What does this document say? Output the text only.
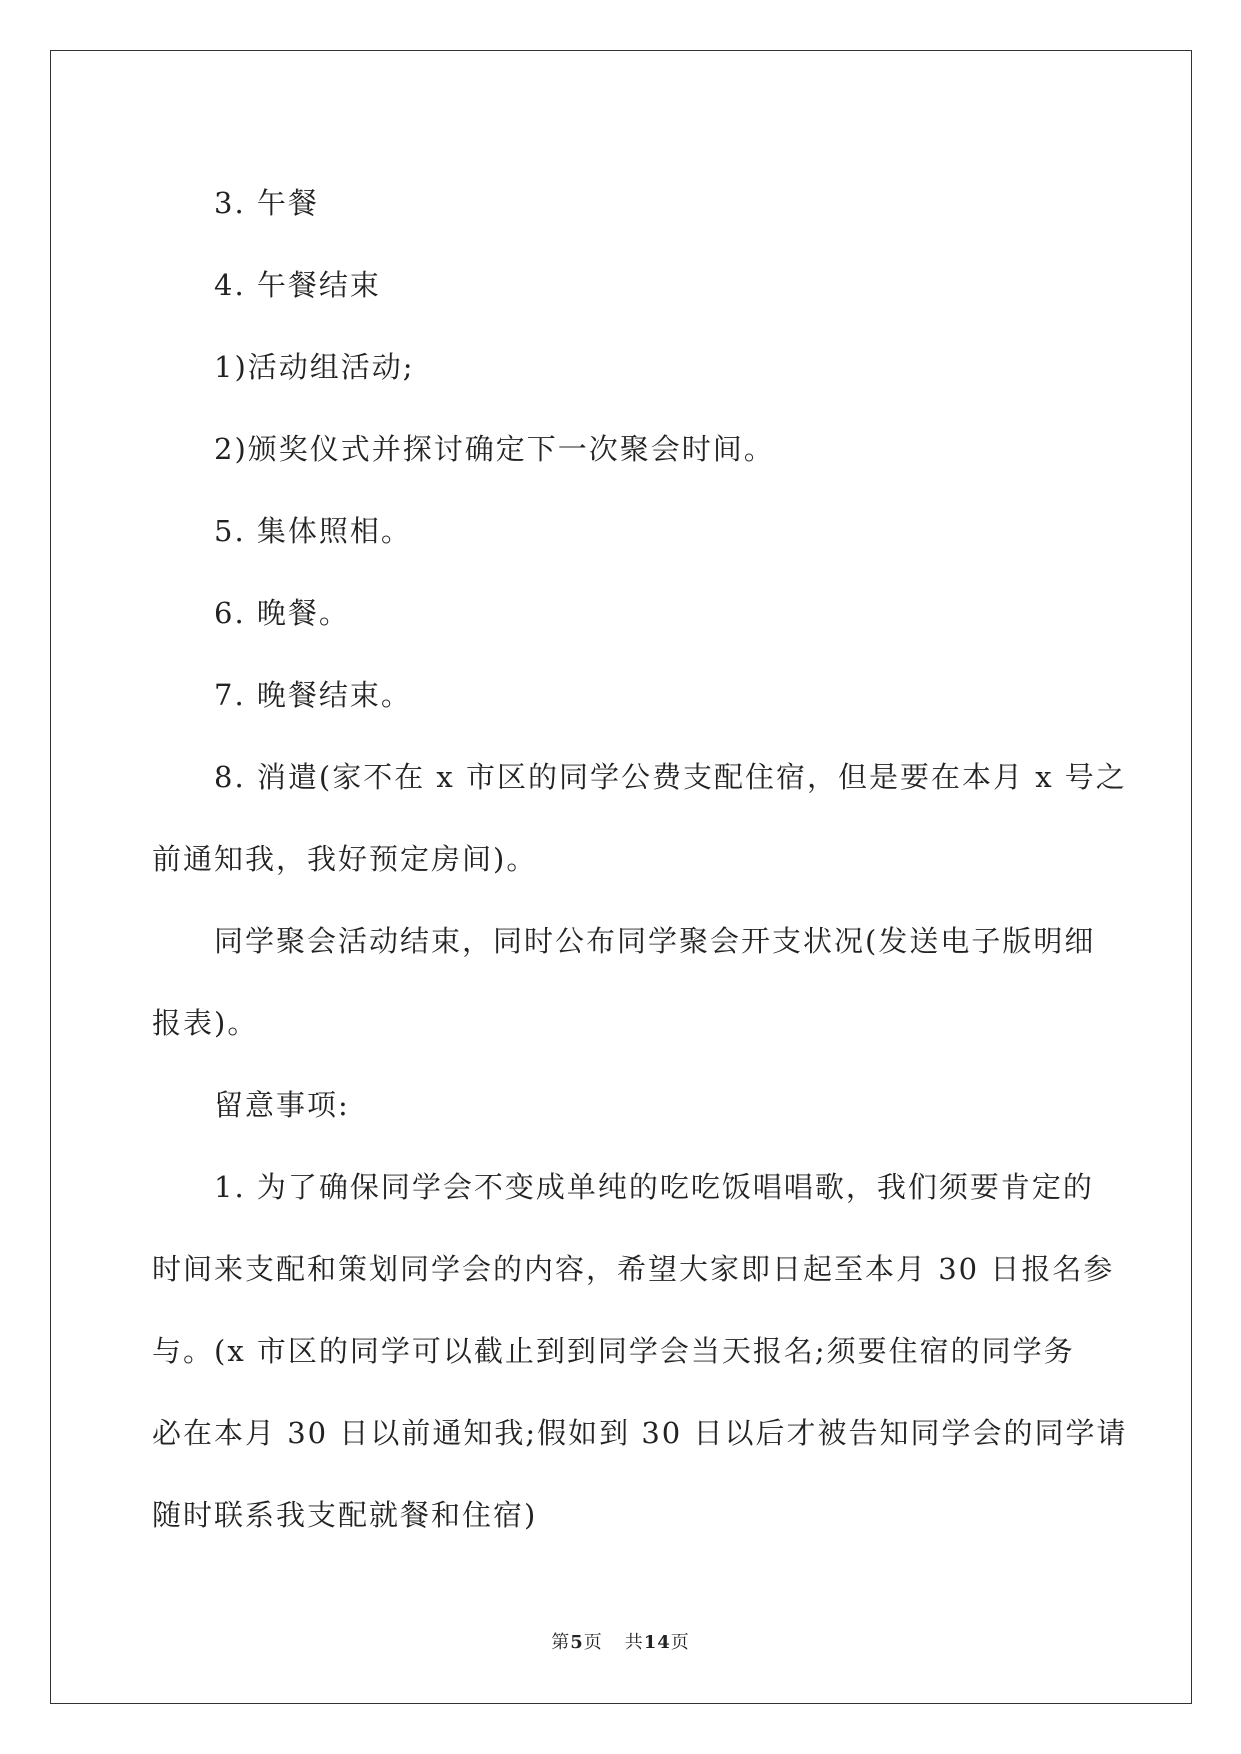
3. 午餐
4. 午餐结束
1)活动组活动;
2)颁奖仪式并探讨确定下一次聚会时间。
5. 集体照相。
6. 晚餐。
7. 晚餐结束。
8. 消遣(家不在 x 市区的同学公费支配住宿，但是要在本月 x 号之
前通知我，我好预定房间)。
同学聚会活动结束，同时公布同学聚会开支状况(发送电子版明细
报表)。
留意事项:
1. 为了确保同学会不变成单纯的吃吃饭唱唱歌，我们须要肯定的
时间来支配和策划同学会的内容，希望大家即日起至本月 30 日报名参
与。(x 市区的同学可以截止到到同学会当天报名;须要住宿的同学务
必在本月 30 日以前通知我;假如到 30 日以后才被告知同学会的同学请
随时联系我支配就餐和住宿)
第5页 共14页
